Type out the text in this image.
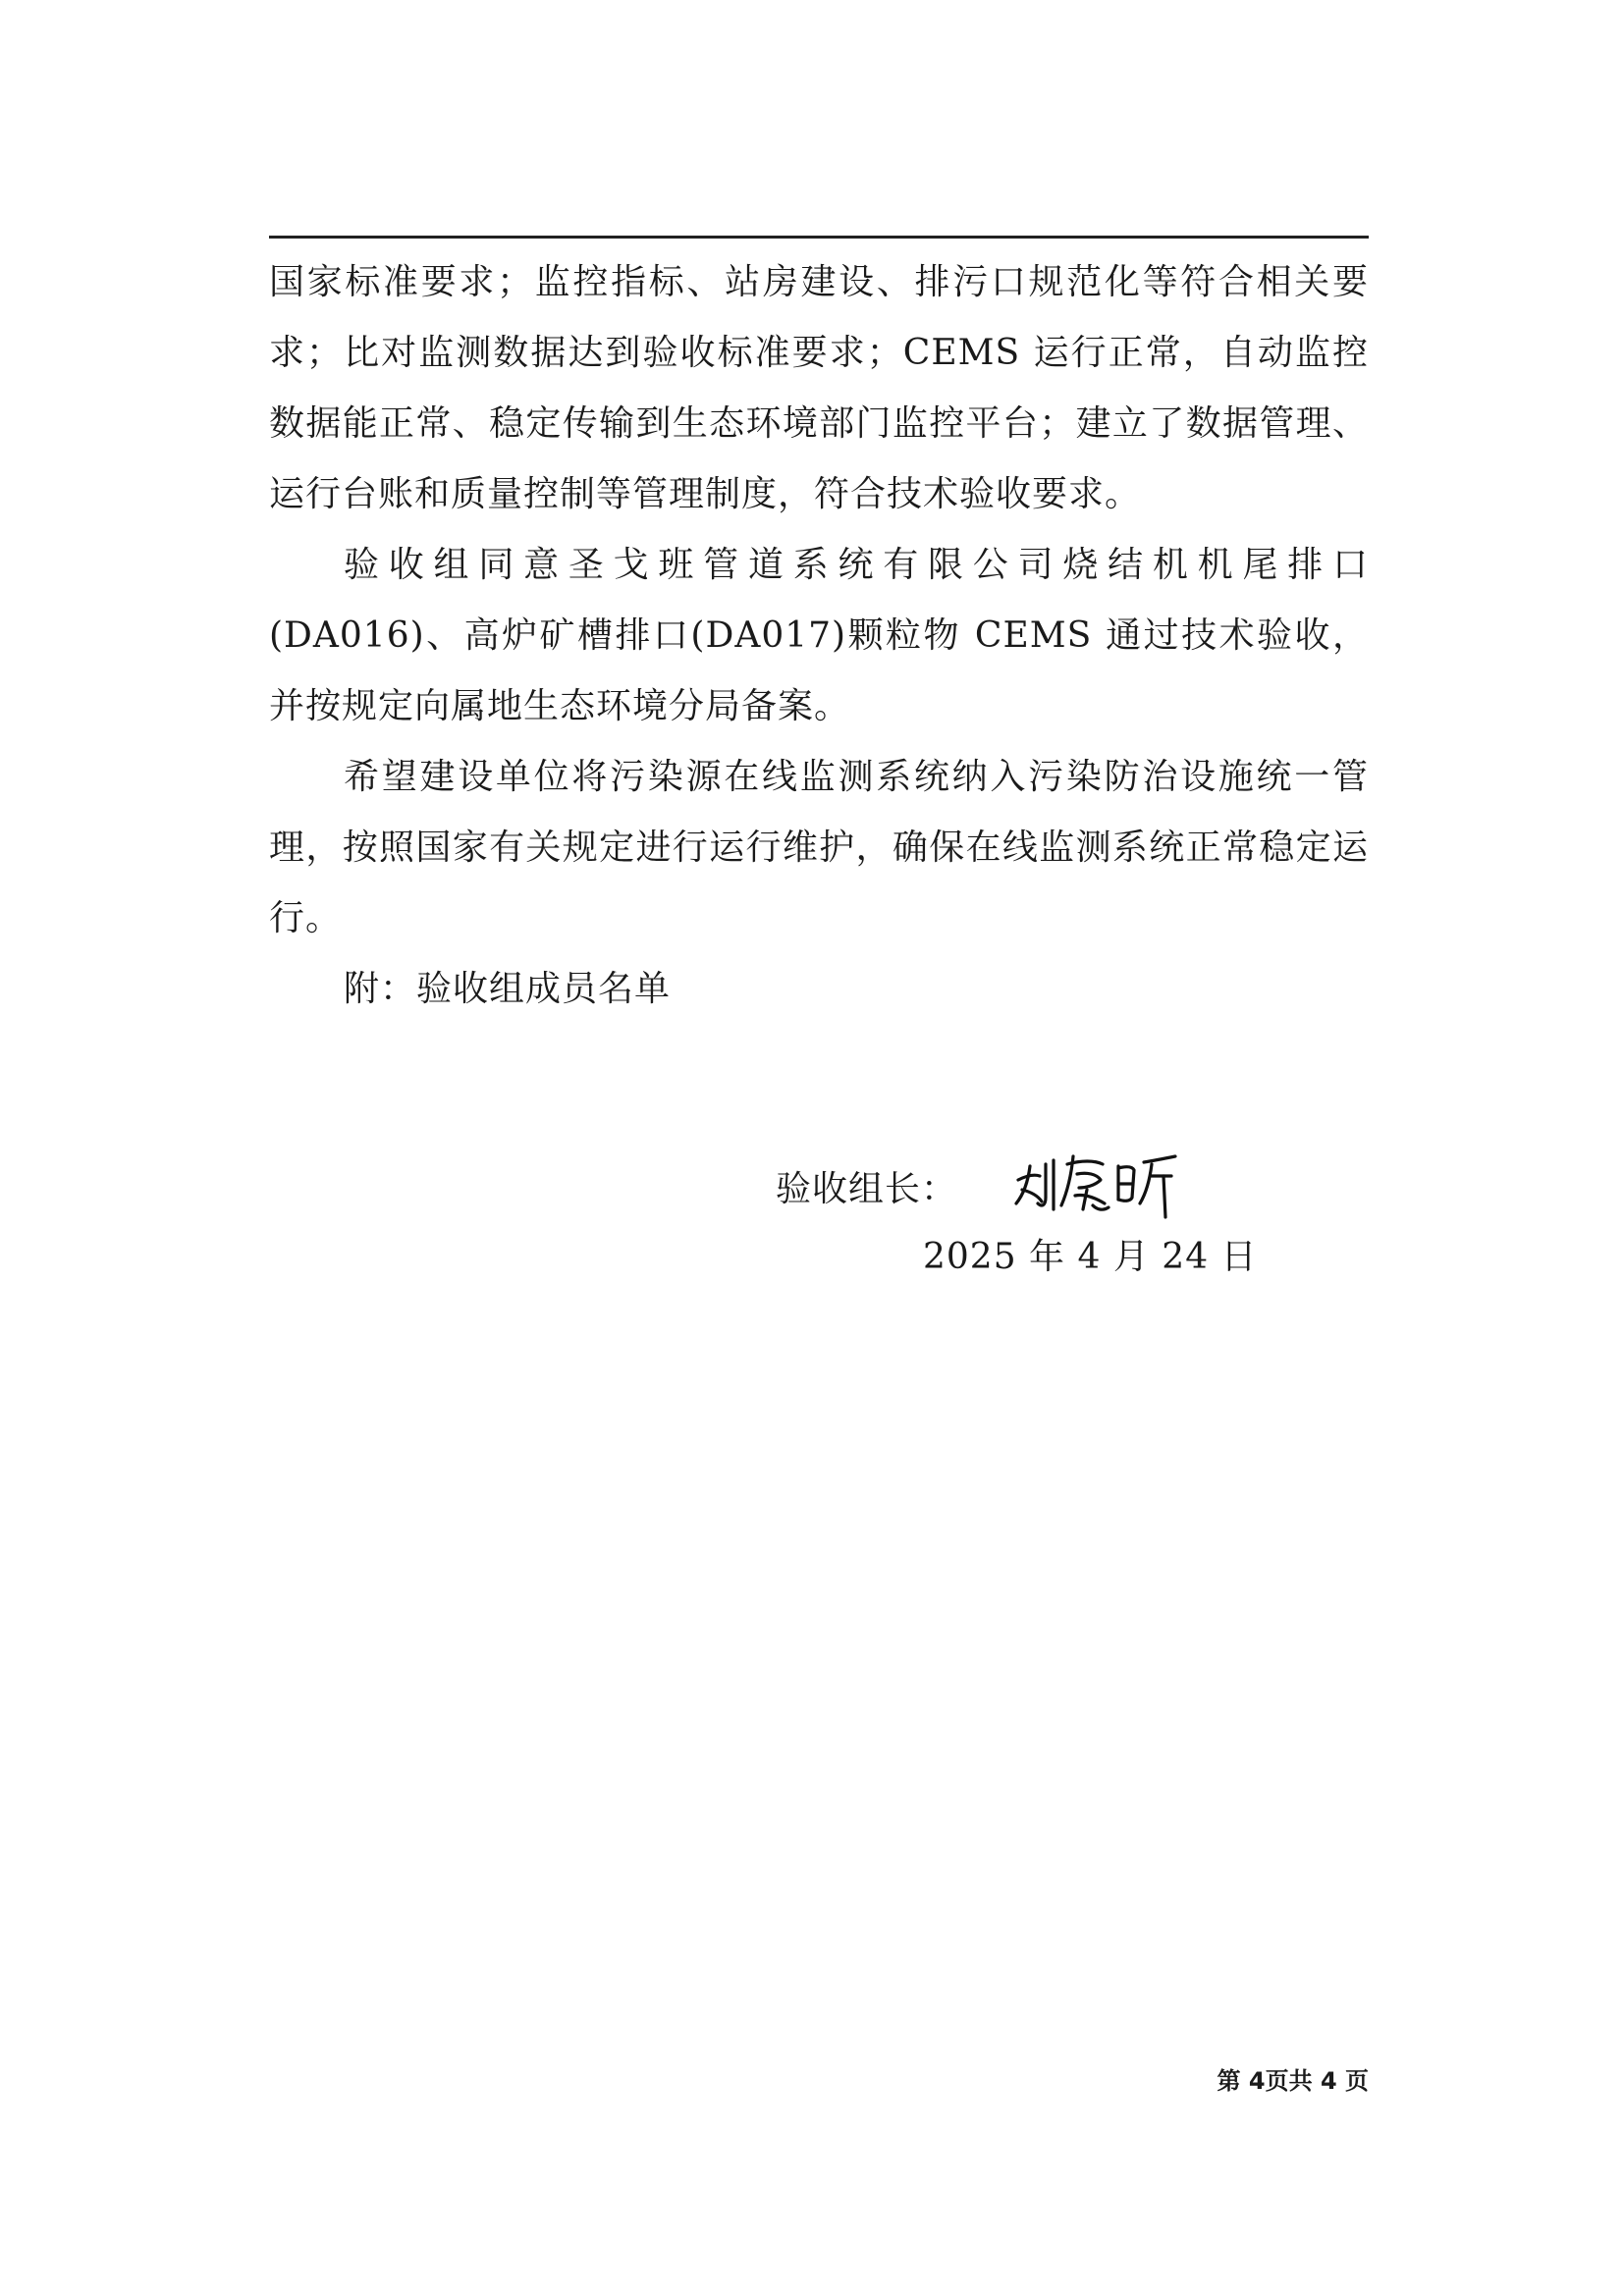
国家标准要求；监控指标、站房建设、排污口规范化等符合相关要求；比对监测数据达到验收标准要求；CEMS 运行正常，自动监控数据能正常、稳定传输到生态环境部门监控平台；建立了数据管理、运行台账和质量控制等管理制度，符合技术验收要求。

验收组同意圣戈班管道系统有限公司烧结机机尾排口(DA016)、高炉矿槽排口(DA017)颗粒物 CEMS 通过技术验收，并按规定向属地生态环境分局备案。

希望建设单位将污染源在线监测系统纳入污染防治设施统一管理，按照国家有关规定进行运行维护，确保在线监测系统正常稳定运行。

附：验收组成员名单

验收组长：
2025 年 4 月 24 日
第 4页共 4 页
